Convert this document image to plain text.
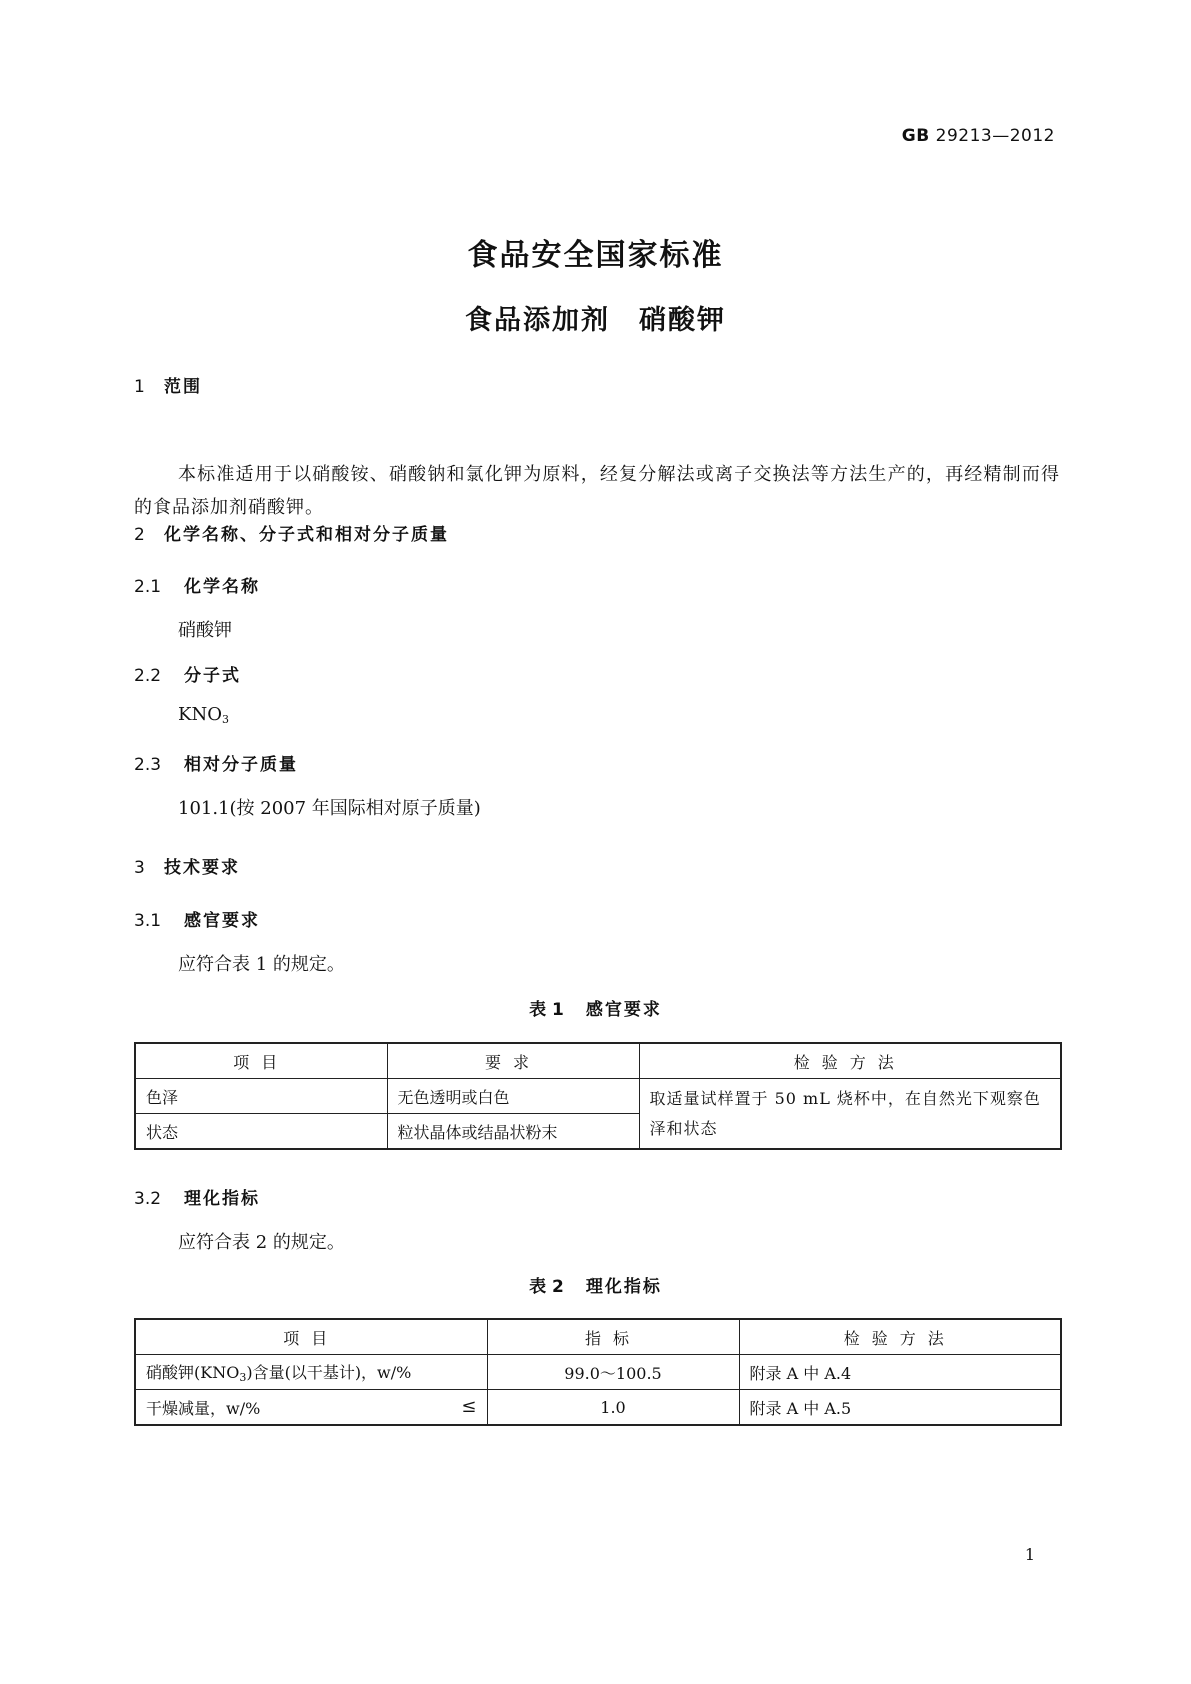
GB 29213—2012
食品安全国家标准
食品添加剂　硝酸钾
1 范围
本标准适用于以硝酸铵、硝酸钠和氯化钾为原料，经复分解法或离子交换法等方法生产的，再经精制而得的食品添加剂硝酸钾。
2 化学名称、分子式和相对分子质量
2.1 化学名称
硝酸钾
2.2 分子式
$KNO_3$
2.3 相对分子质量
101.1(按 2007 年国际相对原子质量)
3 技术要求
3.1 感官要求
应符合表 1 的规定。
表 1 感官要求
项目	要求	检验方法
色泽	无色透明或白色	取适量试样置于 50 mL 烧杯中，在自然光下观察色泽和状态
状态	粒状晶体或结晶状粉末	
3.2 理化指标
应符合表 2 的规定。
表 2 理化指标
项目	指标	检验方法
硝酸钾$(KNO_3)$含量(以干基计)，w/%	99.0～100.5	附录 A 中 A.4
干燥减量，w/% ≤	1.0	附录 A 中 A.5
1
